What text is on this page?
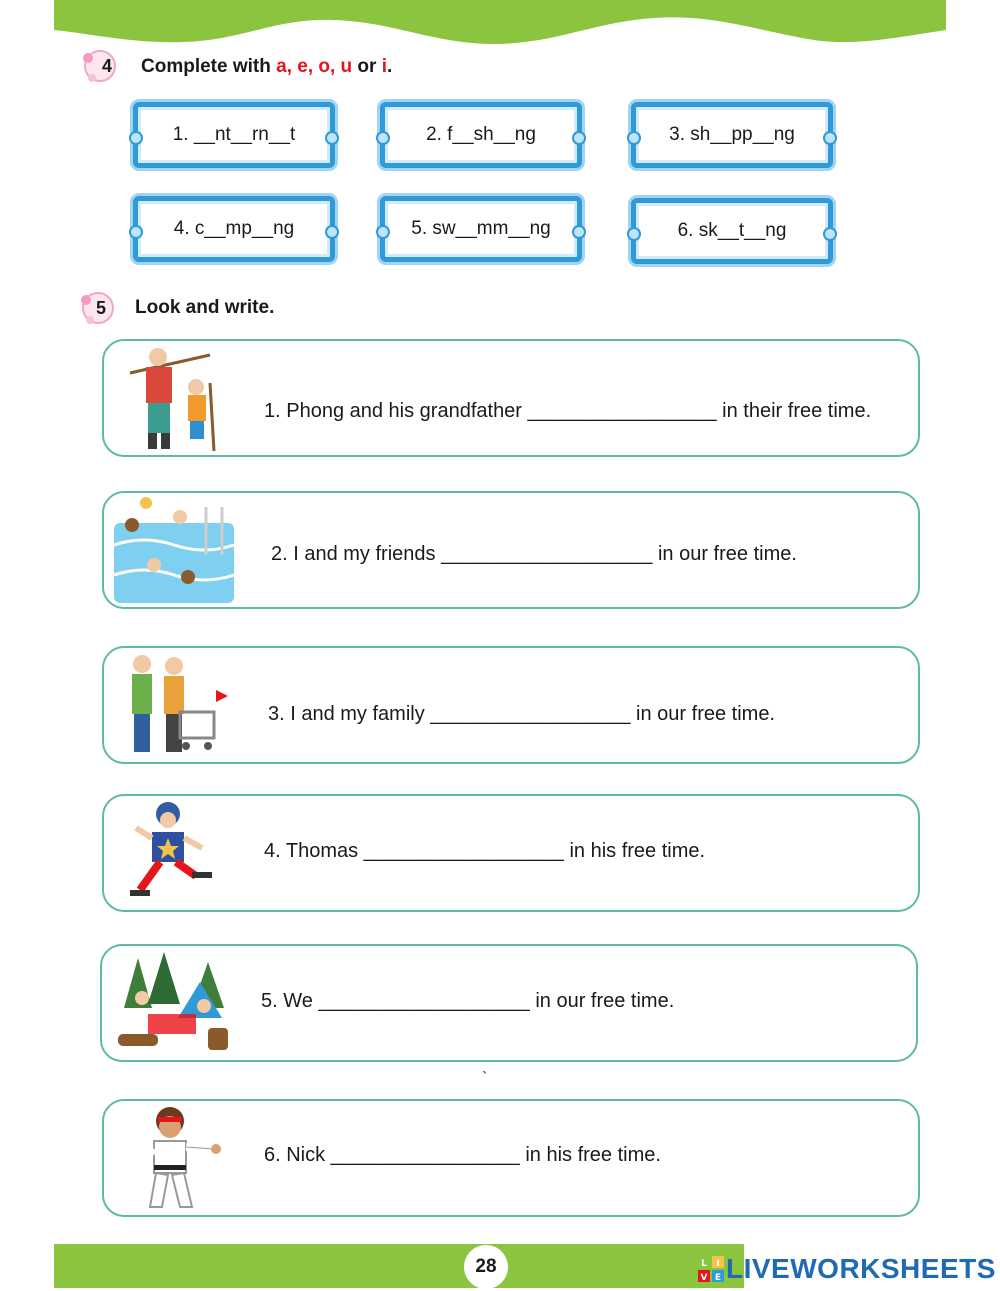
4 Complete with a, e, o, u or i.
1. __nt__rn__t	2. f__sh__ng	3. sh__pp__ng
4. c__mp__ng	5. sw__mm__ng	6. sk__t__ng
5 Look and write.
1. Phong and his grandfather _________________ in their free time.
2. I and my friends ___________________ in our free time.
3. I and my family __________________ in our free time.
4. Thomas __________________ in his free time.
5. We ___________________ in our free time.
`
6. Nick _________________ in his free time.
28	L I
V E LIVEWORKSHEETS
